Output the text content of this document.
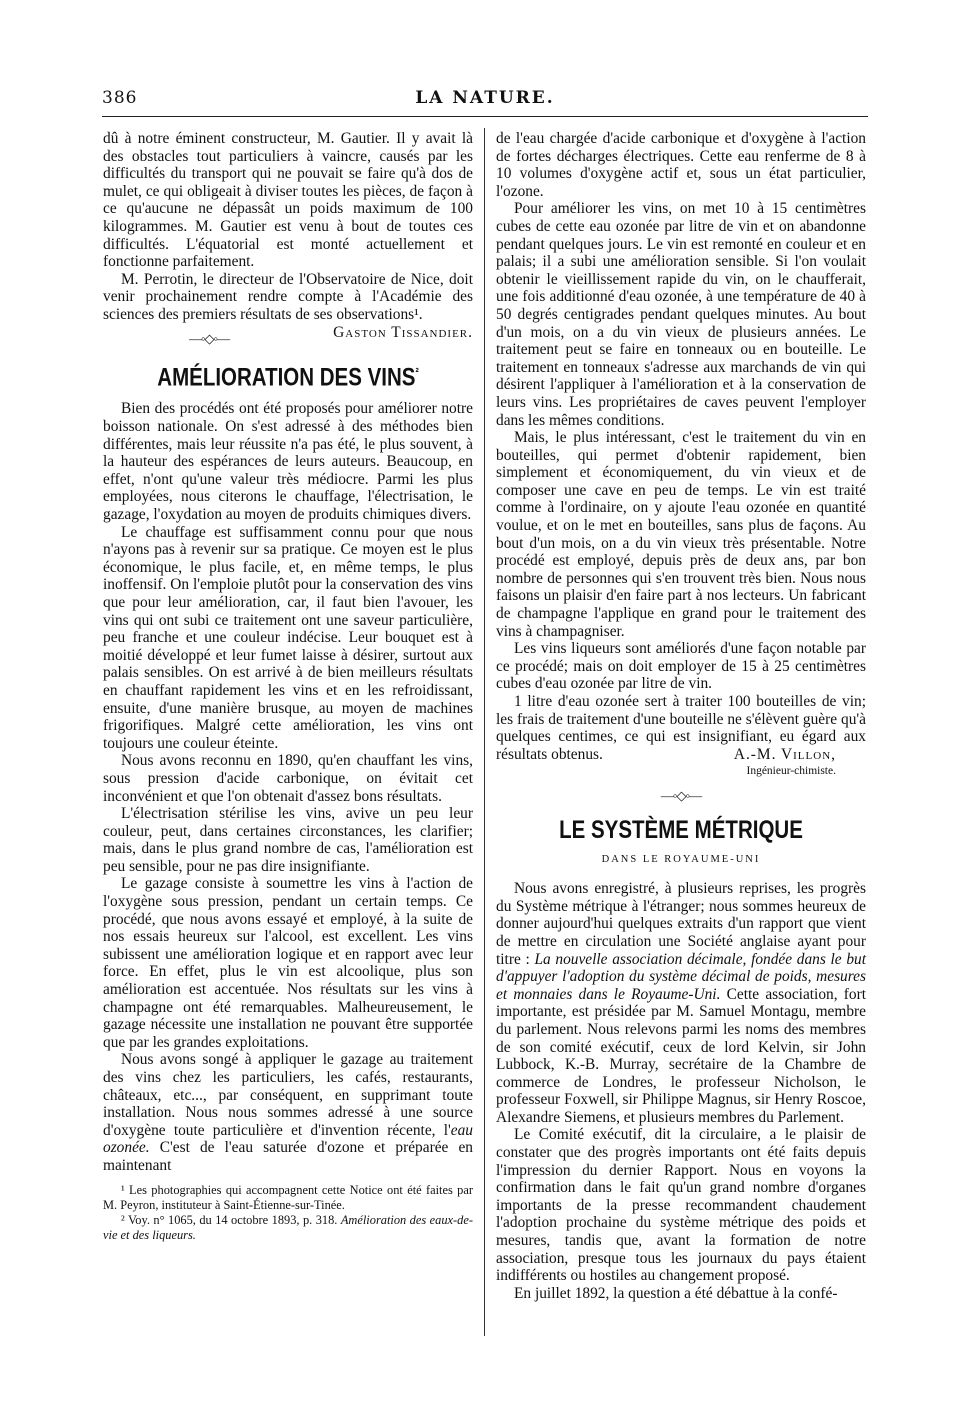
386	LA NATURE.

dû à notre éminent constructeur, M. Gautier. Il y avait là des obstacles tout particuliers à vaincre, causés par les difficultés du transport qui ne pouvait se faire qu'à dos de mulet, ce qui obligeait à diviser toutes les pièces, de façon à ce qu'aucune ne dépassât un poids maximum de 100 kilogrammes. M. Gautier est venu à bout de toutes ces difficultés. L'équatorial est monté actuellement et fonctionne parfaitement.

M. Perrotin, le directeur de l'Observatoire de Nice, doit venir prochainement rendre compte à l'Académie des sciences des premiers résultats de ses observations¹.
Gaston Tissandier.

—◦◇◦—
AMÉLIORATION DES $VINS^{^2}$

Bien des procédés ont été proposés pour améliorer notre boisson nationale. On s'est adressé à des méthodes bien différentes, mais leur réussite n'a pas été, le plus souvent, à la hauteur des espérances de leurs auteurs. Beaucoup, en effet, n'ont qu'une valeur très médiocre. Parmi les plus employées, nous citerons le chauffage, l'électrisation, le gazage, l'oxydation au moyen de produits chimiques divers.

Le chauffage est suffisamment connu pour que nous n'ayons pas à revenir sur sa pratique. Ce moyen est le plus économique, le plus facile, et, en même temps, le plus inoffensif. On l'emploie plutôt pour la conservation des vins que pour leur amélioration, car, il faut bien l'avouer, les vins qui ont subi ce traitement ont une saveur particulière, peu franche et une couleur indécise. Leur bouquet est à moitié développé et leur fumet laisse à désirer, surtout aux palais sensibles. On est arrivé à de bien meilleurs résultats en chauffant rapidement les vins et en les refroidissant, ensuite, d'une manière brusque, au moyen de machines frigorifiques. Malgré cette amélioration, les vins ont toujours une couleur éteinte.

Nous avons reconnu en 1890, qu'en chauffant les vins, sous pression d'acide carbonique, on évitait cet inconvénient et que l'on obtenait d'assez bons résultats.

L'électrisation stérilise les vins, avive un peu leur couleur, peut, dans certaines circonstances, les clarifier; mais, dans le plus grand nombre de cas, l'amélioration est peu sensible, pour ne pas dire insignifiante.

Le gazage consiste à soumettre les vins à l'action de l'oxygène sous pression, pendant un certain temps. Ce procédé, que nous avons essayé et employé, à la suite de nos essais heureux sur l'alcool, est excellent. Les vins subissent une amélioration logique et en rapport avec leur force. En effet, plus le vin est alcoolique, plus son amélioration est accentuée. Nos résultats sur les vins à champagne ont été remarquables. Malheureusement, le gazage nécessite une installation ne pouvant être supportée que par les grandes exploitations.

Nous avons songé à appliquer le gazage au traitement des vins chez les particuliers, les cafés, restaurants, châteaux, etc..., par conséquent, en supprimant toute installation. Nous nous sommes adressé à une source d'oxygène toute particulière et d'invention récente, l'eau ozonée. C'est de l'eau saturée d'ozone et préparée en maintenant

¹ Les photographies qui accompagnent cette Notice ont été faites par M. Peyron, instituteur à Saint-Étienne-sur-Tinée.

² Voy. n° 1065, du 14 octobre 1893, p. 318. Amélioration des eaux-de-vie et des liqueurs.

de l'eau chargée d'acide carbonique et d'oxygène à l'action de fortes décharges électriques. Cette eau renferme de 8 à 10 volumes d'oxygène actif et, sous un état particulier, l'ozone.

Pour améliorer les vins, on met 10 à 15 centimètres cubes de cette eau ozonée par litre de vin et on abandonne pendant quelques jours. Le vin est remonté en couleur et en palais; il a subi une amélioration sensible. Si l'on voulait obtenir le vieillissement rapide du vin, on le chaufferait, une fois additionné d'eau ozonée, à une température de 40 à 50 degrés centigrades pendant quelques minutes. Au bout d'un mois, on a du vin vieux de plusieurs années. Le traitement peut se faire en tonneaux ou en bouteille. Le traitement en tonneaux s'adresse aux marchands de vin qui désirent l'appliquer à l'amélioration et à la conservation de leurs vins. Les propriétaires de caves peuvent l'employer dans les mêmes conditions.

Mais, le plus intéressant, c'est le traitement du vin en bouteilles, qui permet d'obtenir rapidement, bien simplement et économiquement, du vin vieux et de composer une cave en peu de temps. Le vin est traité comme à l'ordinaire, on y ajoute l'eau ozonée en quantité voulue, et on le met en bouteilles, sans plus de façons. Au bout d'un mois, on a du vin vieux très présentable. Notre procédé est employé, depuis près de deux ans, par bon nombre de personnes qui s'en trouvent très bien. Nous nous faisons un plaisir d'en faire part à nos lecteurs. Un fabricant de champagne l'applique en grand pour le traitement des vins à champagniser.

Les vins liqueurs sont améliorés d'une façon notable par ce procédé; mais on doit employer de 15 à 25 centimètres cubes d'eau ozonée par litre de vin.

1 litre d'eau ozonée sert à traiter 100 bouteilles de vin; les frais de traitement d'une bouteille ne s'élèvent guère qu'à quelques centimes, ce qui est insignifiant, eu égard aux résultats obtenus.	A.-M. Villon,

Ingénieur-chimiste.
—◦◇◦—
LE SYSTÈME MÉTRIQUE
DANS LE ROYAUME-UNI

Nous avons enregistré, à plusieurs reprises, les progrès du Système métrique à l'étranger; nous sommes heureux de donner aujourd'hui quelques extraits d'un rapport que vient de mettre en circulation une Société anglaise ayant pour titre : La nouvelle association décimale, fondée dans le but d'appuyer l'adoption du système décimal de poids, mesures et monnaies dans le Royaume-Uni. Cette association, fort importante, est présidée par M. Samuel Montagu, membre du parlement. Nous relevons parmi les noms des membres de son comité exécutif, ceux de lord Kelvin, sir John Lubbock, K.-B. Murray, secrétaire de la Chambre de commerce de Londres, le professeur Nicholson, le professeur Foxwell, sir Philippe Magnus, sir Henry Roscoe, Alexandre Siemens, et plusieurs membres du Parlement.

Le Comité exécutif, dit la circulaire, a le plaisir de constater que des progrès importants ont été faits depuis l'impression du dernier Rapport. Nous en voyons la confirmation dans le fait qu'un grand nombre d'organes importants de la presse recommandent chaudement l'adoption prochaine du système métrique des poids et mesures, tandis que, avant la formation de notre association, presque tous les journaux du pays étaient indifférents ou hostiles au changement proposé.

En juillet 1892, la question a été débattue à la confé-
